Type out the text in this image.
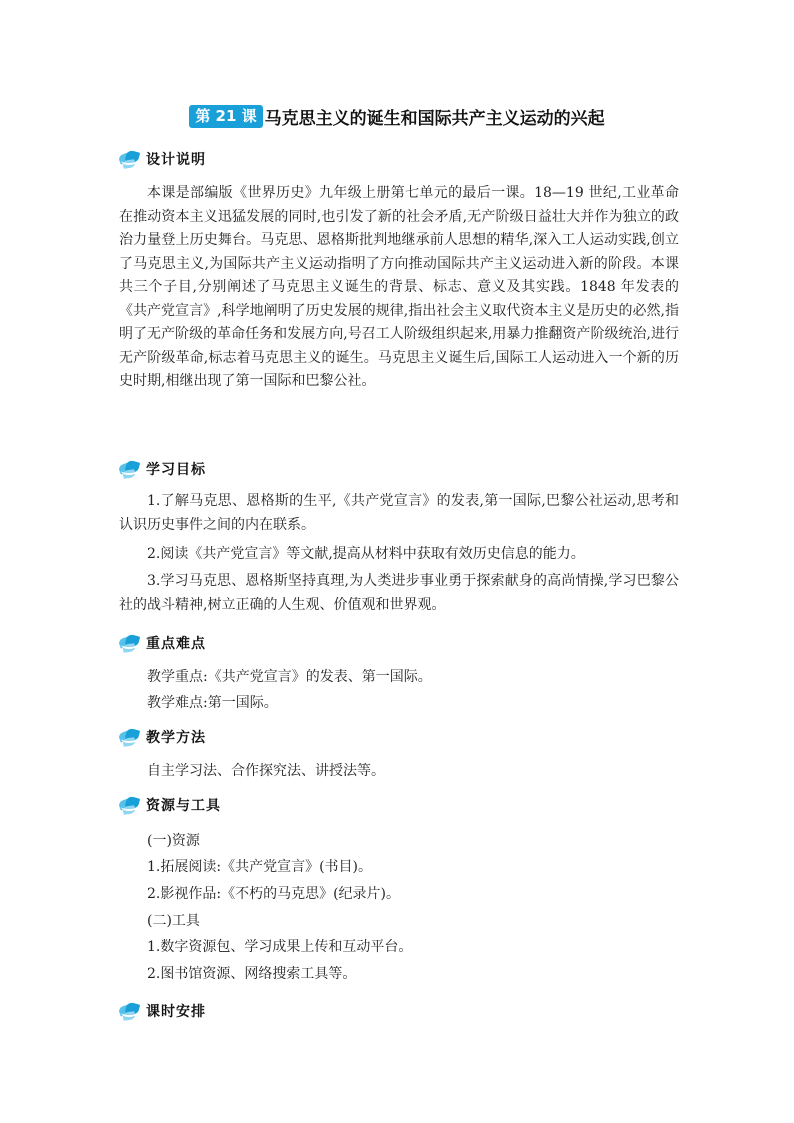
第 21 课 马克思主义的诞生和国际共产主义运动的兴起
设计说明

本课是部编版《世界历史》九年级上册第七单元的最后一课。18—19 世纪,工业革命在推动资本主义迅猛发展的同时,也引发了新的社会矛盾,无产阶级日益壮大并作为独立的政治力量登上历史舞台。马克思、恩格斯批判地继承前人思想的精华,深入工人运动实践,创立了马克思主义,为国际共产主义运动指明了方向推动国际共产主义运动进入新的阶段。本课共三个子目,分别阐述了马克思主义诞生的背景、标志、意义及其实践。1848 年发表的《共产党宣言》,科学地阐明了历史发展的规律,指出社会主义取代资本主义是历史的必然,指明了无产阶级的革命任务和发展方向,号召工人阶级组织起来,用暴力推翻资产阶级统治,进行无产阶级革命,标志着马克思主义的诞生。马克思主义诞生后,国际工人运动进入一个新的历史时期,相继出现了第一国际和巴黎公社。

学习目标

1.了解马克思、恩格斯的生平,《共产党宣言》的发表,第一国际,巴黎公社运动,思考和认识历史事件之间的内在联系。

2.阅读《共产党宣言》等文献,提高从材料中获取有效历史信息的能力。

3.学习马克思、恩格斯坚持真理,为人类进步事业勇于探索献身的高尚情操,学习巴黎公社的战斗精神,树立正确的人生观、价值观和世界观。

重点难点
教学重点:《共产党宣言》的发表、第一国际。
教学难点:第一国际。
教学方法
自主学习法、合作探究法、讲授法等。
资源与工具
(一)资源
1.拓展阅读:《共产党宣言》(书目)。
2.影视作品:《不朽的马克思》(纪录片)。
(二)工具
1.数字资源包、学习成果上传和互动平台。
2.图书馆资源、网络搜索工具等。
课时安排
